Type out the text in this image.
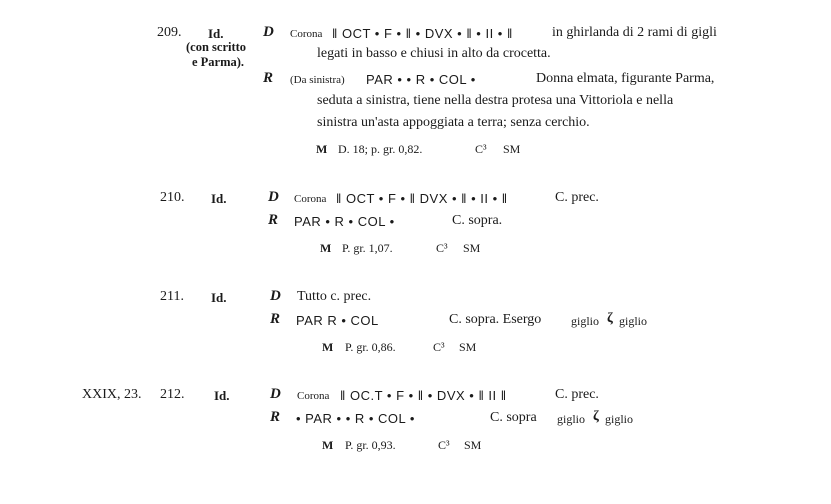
209. Id.
(con scritto
e Parma).
D Corona ‖ OCT • F • ‖ • DVX • ‖ • II • ‖	in ghirlanda di 2 rami di gigli
legati in basso e chiusi in alto da crocetta.
R (Da sinistra) PAR • • R • COL •	Donna elmata, figurante Parma,
seduta a sinistra, tiene nella destra protesa una Vittoriola e nella
sinistra un'asta appoggiata a terra; senza cerchio.
M D. 18; p. gr. 0,82.	C³ SM
210. Id.	D Corona ‖ OCT • F • ‖ DVX • ‖ • II • ‖	C. prec.
R PAR • R • COL •	C. sopra.
M P. gr. 1,07.	C³ SM
211. Id.	D Tutto c. prec.
R PAR R • COL	C. sopra. Esergo giglio ζ giglio
M P. gr. 0,86.	C³ SM
XXIX, 23. 212. Id.	D Corona ‖ OC.T • F • ‖ • DVX • ‖ II ‖	C. prec.
R • PAR • • R • COL •	C. sopra giglio ζ giglio
M P. gr. 0,93.	C³ SM
